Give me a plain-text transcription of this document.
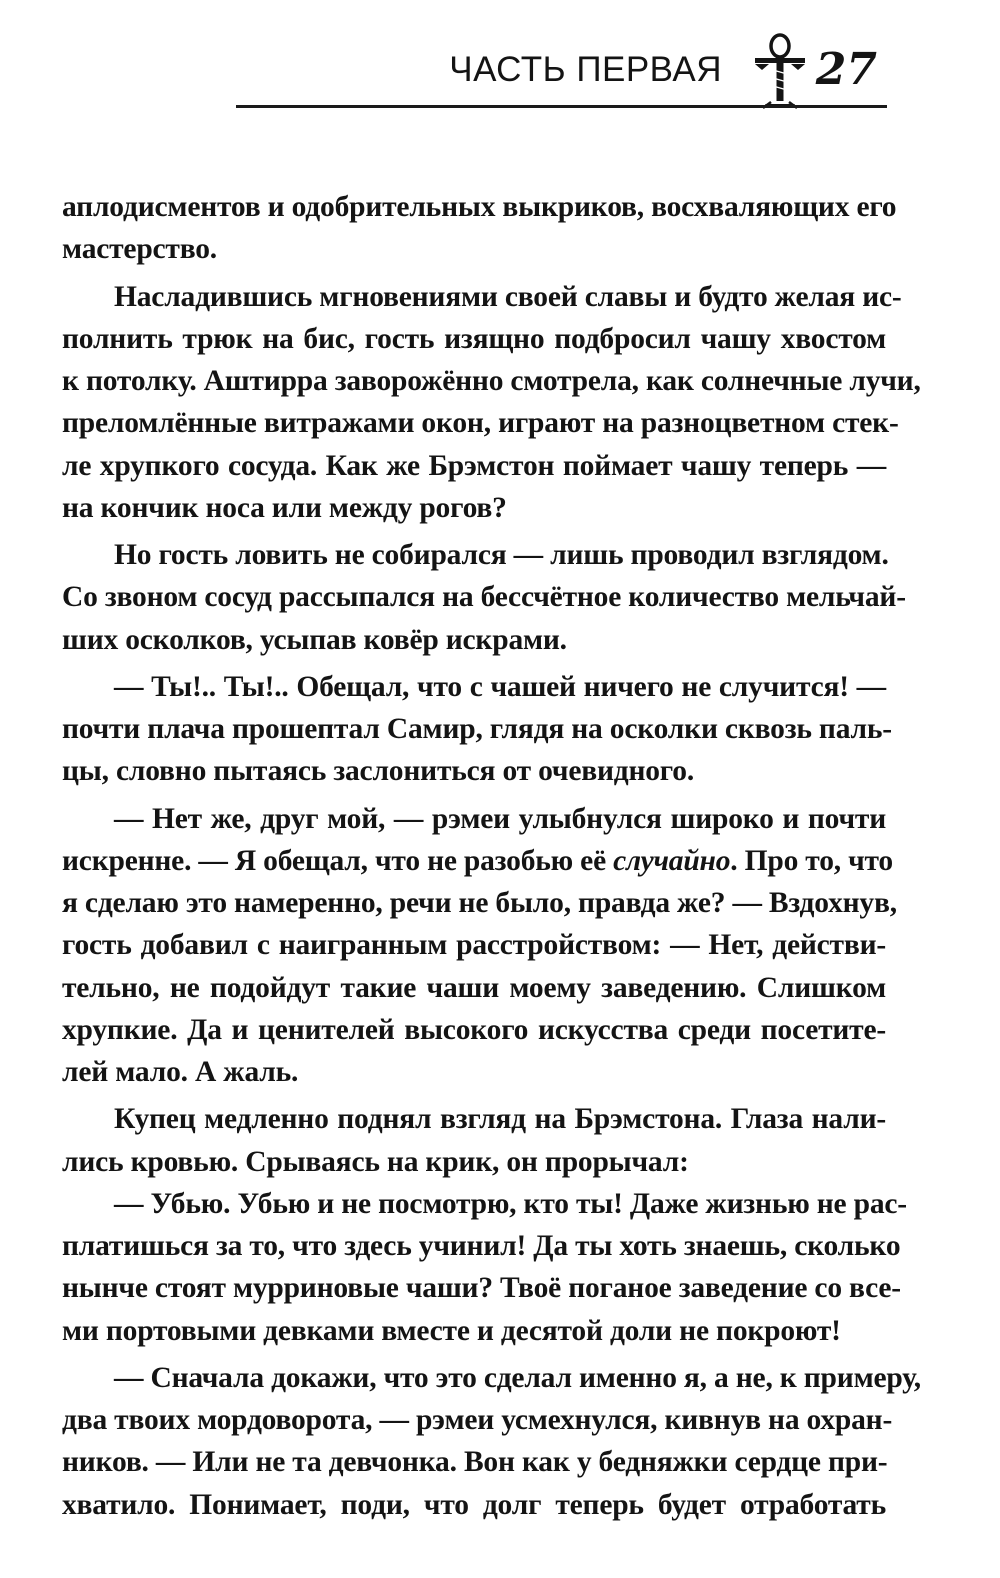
ЧАСТЬ ПЕРВАЯ 27
аплодисментов и одобрительных выкриков, восхваляющих его
мастерство.
Насладившись мгновениями своей славы и будто желая ис-
полнить трюк на бис, гость изящно подбросил чашу хвостом
к потолку. Аштирра заворожённо смотрела, как солнечные лучи,
преломлённые витражами окон, играют на разноцветном стек-
ле хрупкого сосуда. Как же Брэмстон поймает чашу теперь —
на кончик носа или между рогов?
Но гость ловить не собирался — лишь проводил взглядом.
Со звоном сосуд рассыпался на бессчётное количество мельчай-
ших осколков, усыпав ковёр искрами.
— Ты!.. Ты!.. Обещал, что с чашей ничего не случится! —
почти плача прошептал Самир, глядя на осколки сквозь паль-
цы, словно пытаясь заслониться от очевидного.
— Нет же, друг мой, — рэмеи улыбнулся широко и почти
искренне. — Я обещал, что не разобью её случайно. Про то, что
я сделаю это намеренно, речи не было, правда же? — Вздохнув,
гость добавил с наигранным расстройством: — Нет, действи-
тельно, не подойдут такие чаши моему заведению. Слишком
хрупкие. Да и ценителей высокого искусства среди посетите-
лей мало. А жаль.
Купец медленно поднял взгляд на Брэмстона. Глаза нали-
лись кровью. Срываясь на крик, он прорычал:
— Убью. Убью и не посмотрю, кто ты! Даже жизнью не рас-
платишься за то, что здесь учинил! Да ты хоть знаешь, сколько
нынче стоят мурриновые чаши? Твоё поганое заведение со все-
ми портовыми девками вместе и десятой доли не покроют!
— Сначала докажи, что это сделал именно я, а не, к примеру,
два твоих мордоворота, — рэмеи усмехнулся, кивнув на охран-
ников. — Или не та девчонка. Вон как у бедняжки сердце при-
хватило. Понимает, поди, что долг теперь будет отработать
